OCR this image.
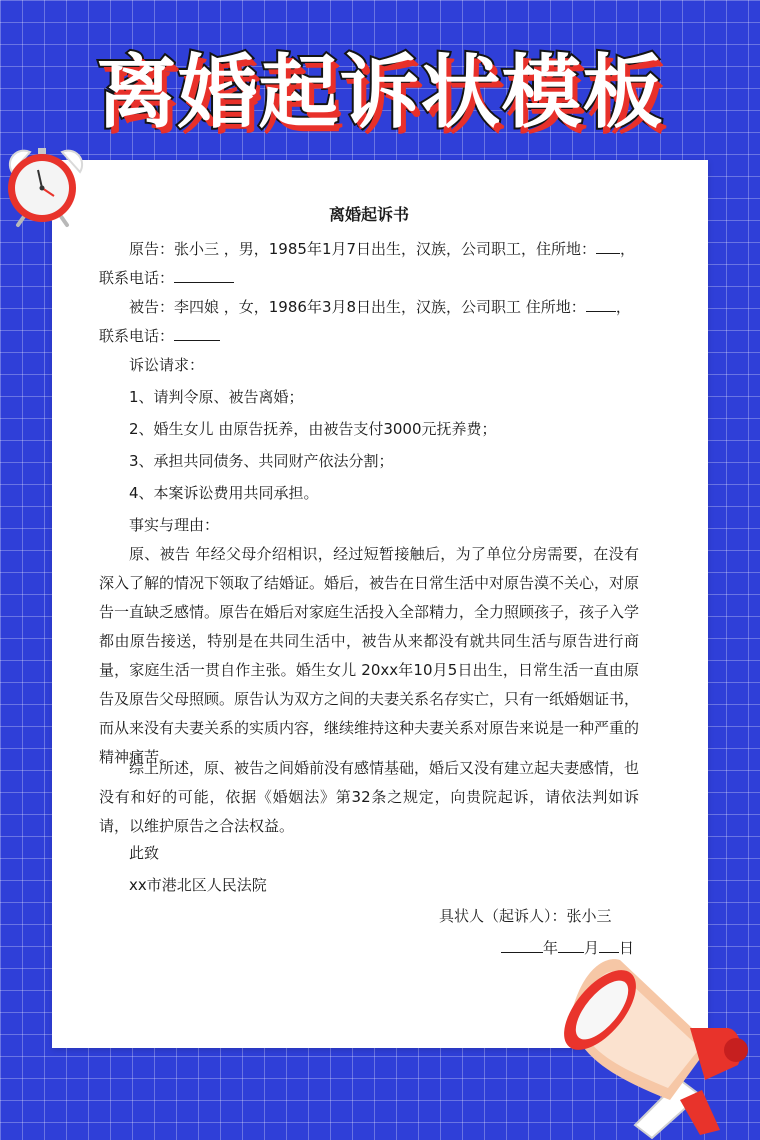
离婚起诉状模板
离婚起诉书
原告：张小三 ，男，1985年1月7日出生，汉族，公司职工，住所地： ，
联系电话：
被告：李四娘 ，女，1986年3月8日出生，汉族，公司职工 住所地： ，
联系电话：
诉讼请求：
1、请判令原、被告离婚；
2、婚生女儿 由原告抚养，由被告支付3000元抚养费；
3、承担共同债务、共同财产依法分割；
4、本案诉讼费用共同承担。
事实与理由：
原、被告 年经父母介绍相识，经过短暂接触后，为了单位分房需要，在没有深入了解的情况下领取了结婚证。婚后，被告在日常生活中对原告漠不关心，对原告一直缺乏感情。原告在婚后对家庭生活投入全部精力，全力照顾孩子，孩子入学都由原告接送，特别是在共同生活中，被告从来都没有就共同生活与原告进行商量，家庭生活一贯自作主张。婚生女儿 20xx年10月5日出生，日常生活一直由原告及原告父母照顾。原告认为双方之间的夫妻关系名存实亡，只有一纸婚姻证书，而从来没有夫妻关系的实质内容，继续维持这种夫妻关系对原告来说是一种严重的精神痛苦。
综上所述，原、被告之间婚前没有感情基础，婚后又没有建立起夫妻感情，也没有和好的可能，依据《婚姻法》第32条之规定，向贵院起诉，请依法判如诉请，以维护原告之合法权益。
此致
xx市港北区人民法院
具状人（起诉人）：张小三
年 月 日
